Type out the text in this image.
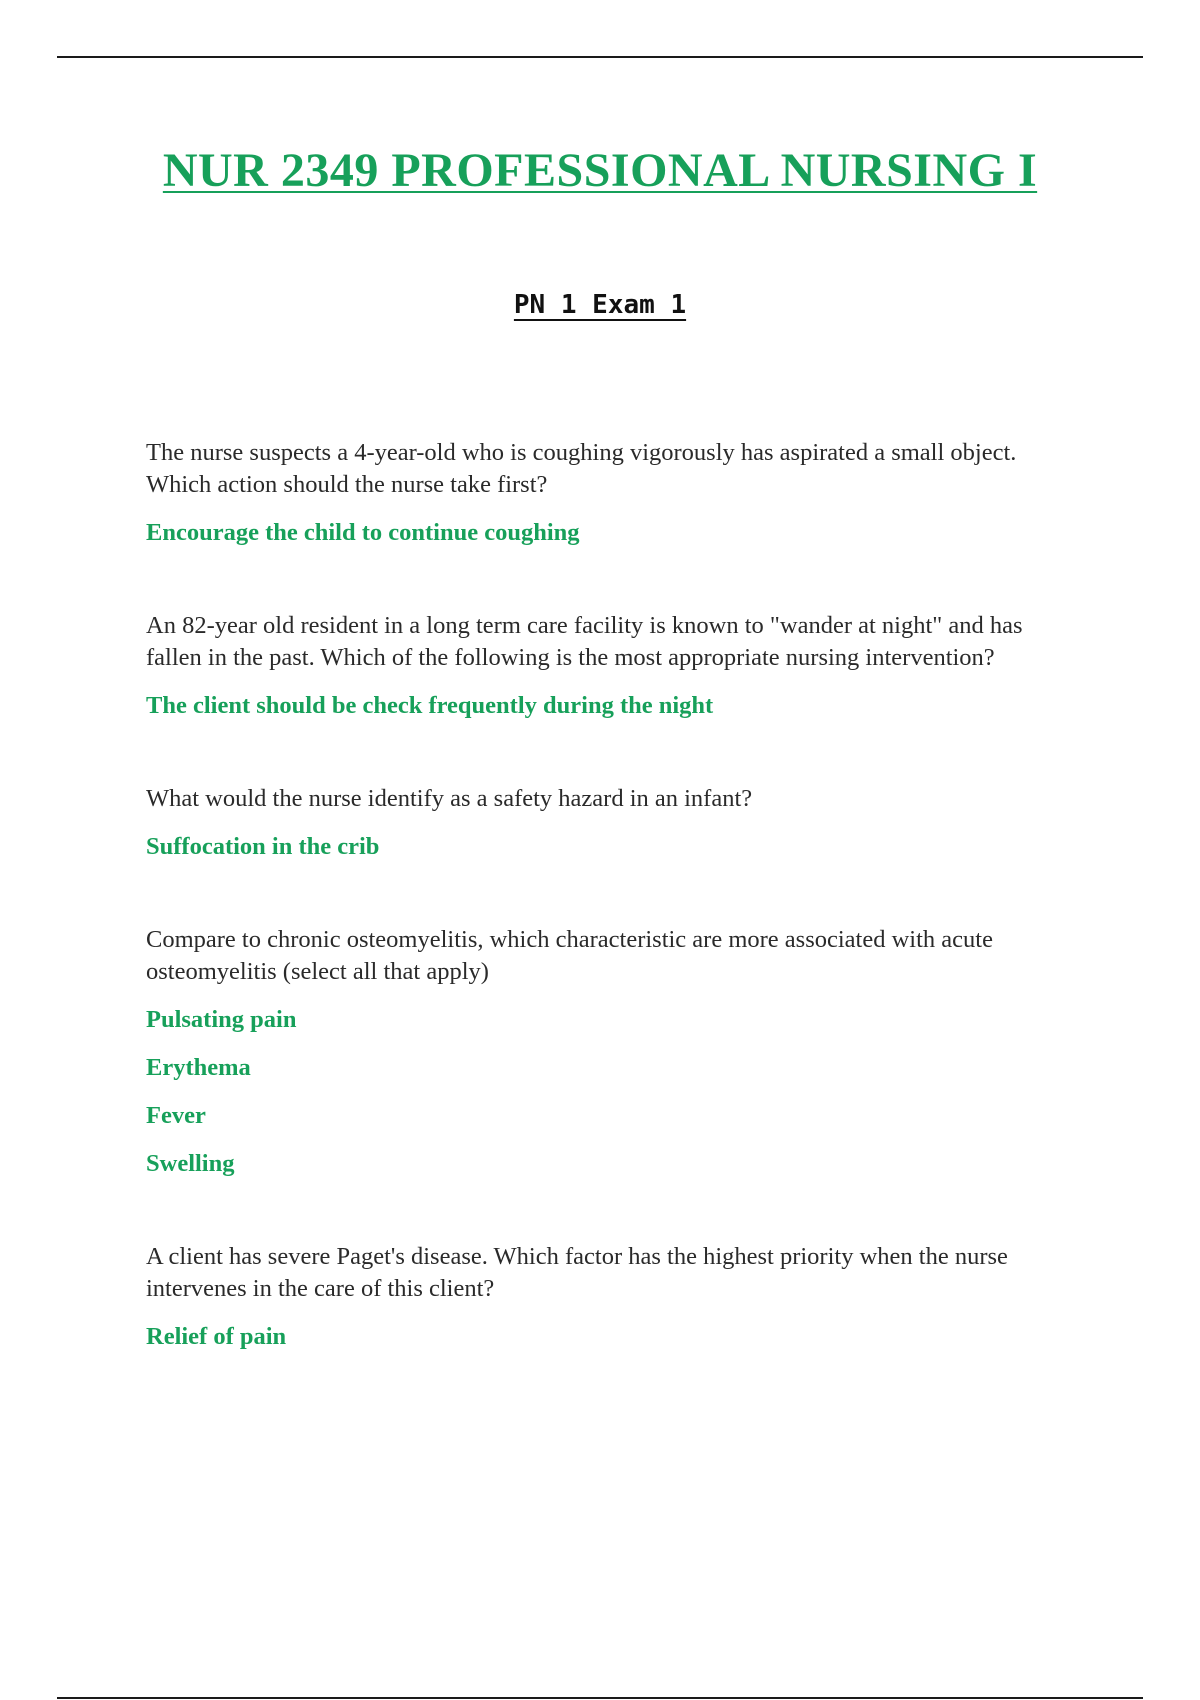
NUR 2349 PROFESSIONAL NURSING I
PN 1 Exam 1

The nurse suspects a 4-year-old who is coughing vigorously has aspirated a small object. Which action should the nurse take first?

Encourage the child to continue coughing

An 82-year old resident in a long term care facility is known to "wander at night" and has fallen in the past. Which of the following is the most appropriate nursing intervention?

The client should be check frequently during the night

What would the nurse identify as a safety hazard in an infant?

Suffocation in the crib

Compare to chronic osteomyelitis, which characteristic are more associated with acute osteomyelitis (select all that apply)

Pulsating pain

Erythema

Fever

Swelling

A client has severe Paget's disease. Which factor has the highest priority when the nurse intervenes in the care of this client?

Relief of pain
